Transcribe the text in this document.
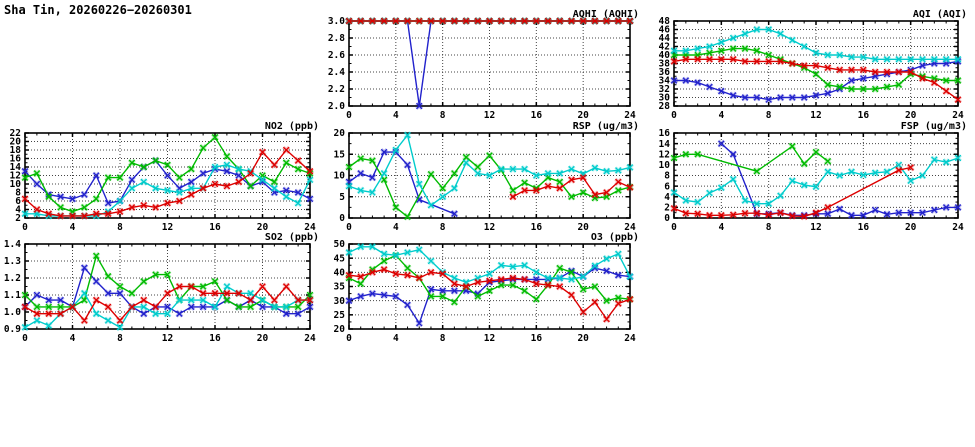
Sha Tin, 20260226−20260301
0	4	8	12	16	20	24
3.0
2.8
2.6
2.4
2.2
2.0
AQHI (AQHI)
0	4	8	12	16	20	24
48
46
44
42
40
38
36
34
32
30
28
AQI (AQI)
0	4	8	12	16	20	24
22
20
18
16
14
12
10
8
6
4
2
NO2 (ppb)
0	4	8	12	16	20	24
20
15
10
5
0
RSP (ug/m3)
0	4	8	12	16	20	24
16
14
12
10
8
6
4
2
0
FSP (ug/m3)
0	4	8	12	16	20	24
1.4
1.3
1.2
1.1
1.0
0.9
SO2 (ppb)
0	4	8	12	16	20	24
50
45
40
35
30
25
20
O3 (ppb)
